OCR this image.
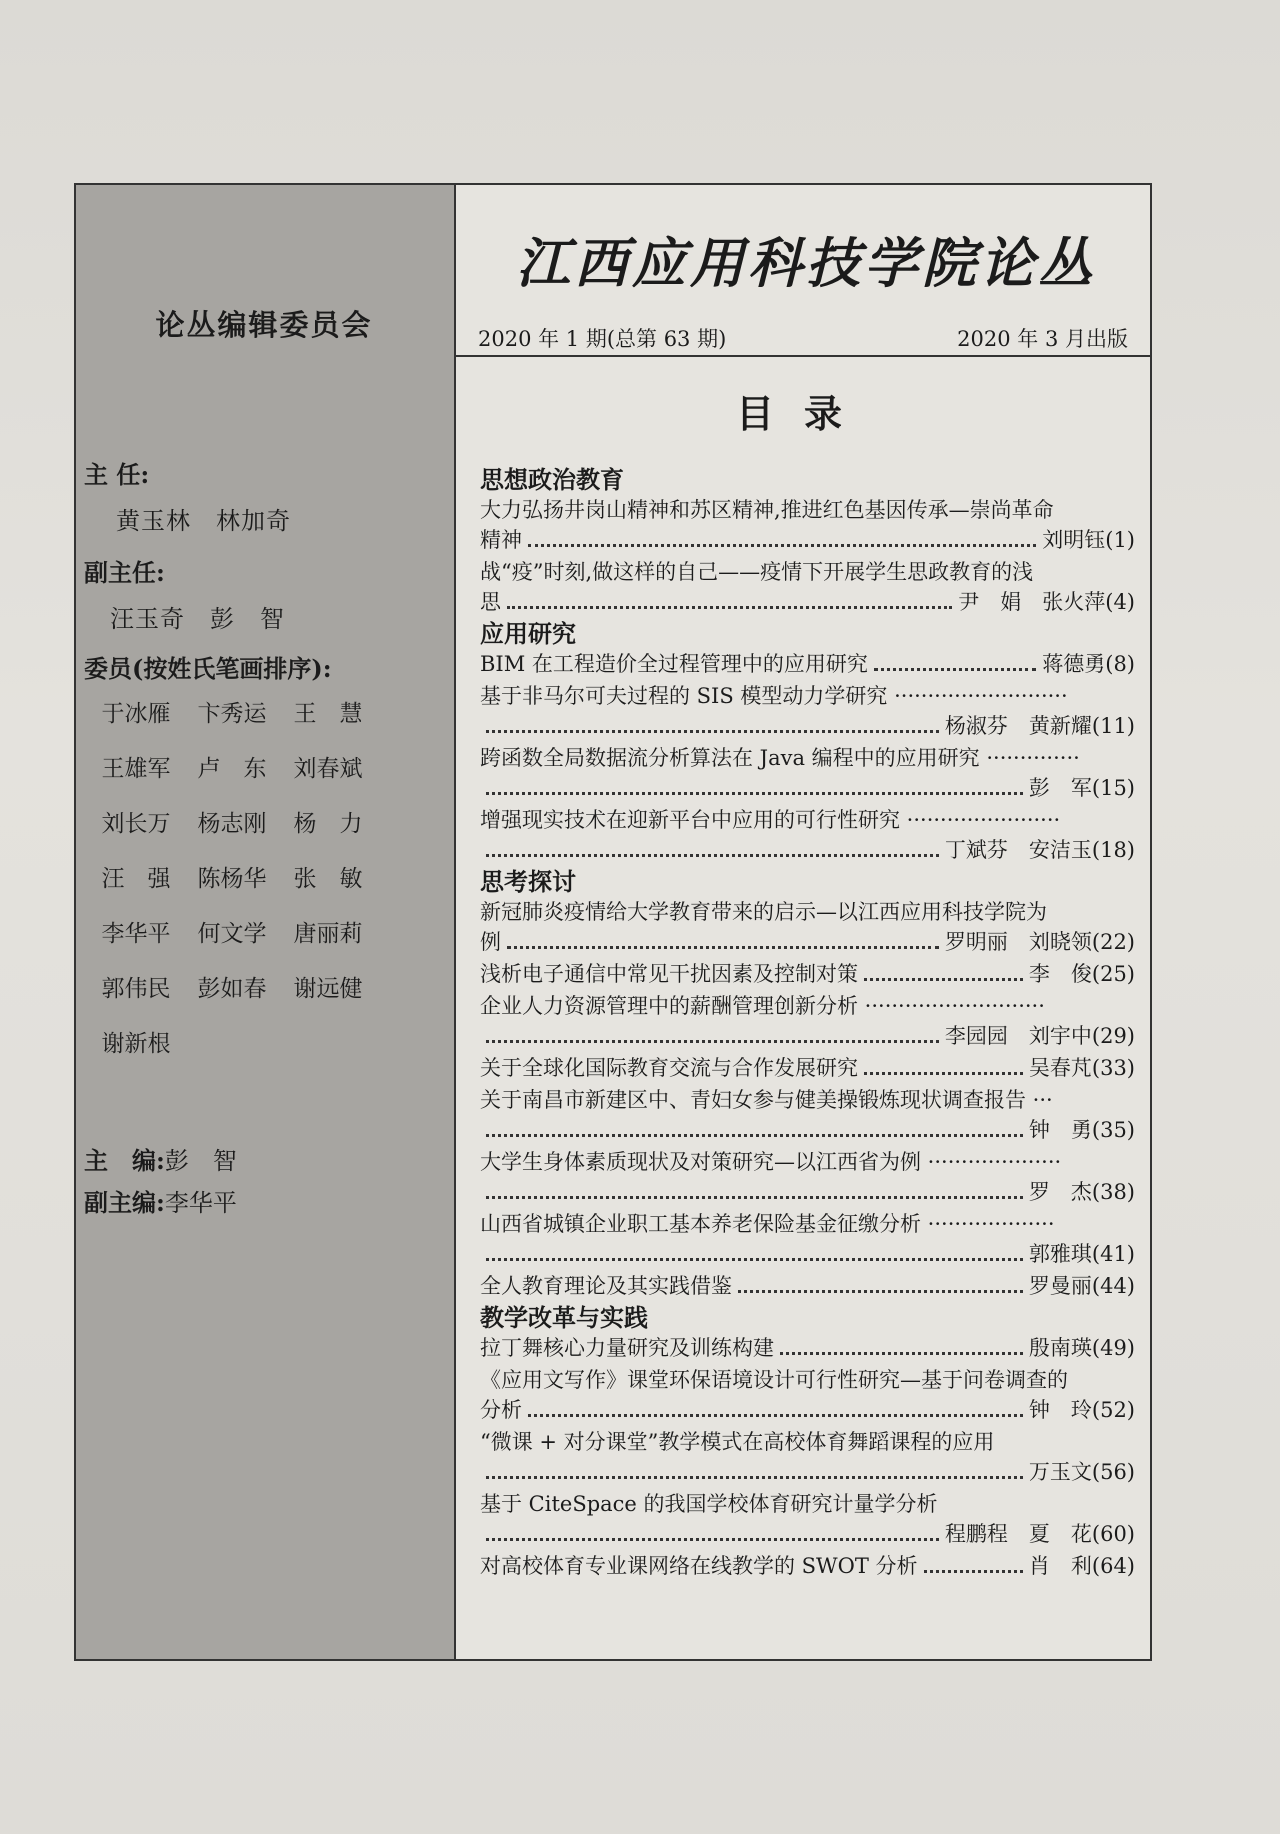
论丛编辑委员会
主 任:
黄玉林　林加奇
副主任:
汪玉奇　彭　智
委员(按姓氏笔画排序):
于冰雁	卞秀运	王　慧
王雄军	卢　东	刘春斌
刘长万	杨志刚	杨　力
汪　强	陈杨华	张　敏
李华平	何文学	唐丽莉
郭伟民	彭如春	谢远健
谢新根
主　编:彭　智
副主编:李华平
江西应用科技学院论丛
2020 年 1 期(总第 63 期)	2020 年 3 月出版
目录
思想政治教育
大力弘扬井岗山精神和苏区精神,推进红色基因传承—崇尚革命
精神	刘明钰(1)
战“疫”时刻,做这样的自己——疫情下开展学生思政教育的浅
思	尹　娟　张火萍(4)
应用研究
BIM 在工程造价全过程管理中的应用研究	蒋德勇(8)
基于非马尔可夫过程的 SIS 模型动力学研究 ··························
杨淑芬　黄新耀(11)
跨函数全局数据流分析算法在 Java 编程中的应用研究 ··············
彭　军(15)
增强现实技术在迎新平台中应用的可行性研究 ·······················
丁斌芬　安洁玉(18)
思考探讨
新冠肺炎疫情给大学教育带来的启示—以江西应用科技学院为
例	罗明丽　刘晓领(22)
浅析电子通信中常见干扰因素及控制对策	李　俊(25)
企业人力资源管理中的薪酬管理创新分析 ···························
李园园　刘宇中(29)
关于全球化国际教育交流与合作发展研究	吴春芃(33)
关于南昌市新建区中、青妇女参与健美操锻炼现状调查报告 ···
钟　勇(35)
大学生身体素质现状及对策研究—以江西省为例 ····················
罗　杰(38)
山西省城镇企业职工基本养老保险基金征缴分析 ···················
郭雅琪(41)
全人教育理论及其实践借鉴	罗曼丽(44)
教学改革与实践
拉丁舞核心力量研究及训练构建	殷南瑛(49)
《应用文写作》课堂环保语境设计可行性研究—基于问卷调查的
分析	钟　玲(52)
“微课 + 对分课堂”教学模式在高校体育舞蹈课程的应用
万玉文(56)
基于 CiteSpace 的我国学校体育研究计量学分析
程鹏程　夏　花(60)
对高校体育专业课网络在线教学的 SWOT 分析	肖　利(64)
